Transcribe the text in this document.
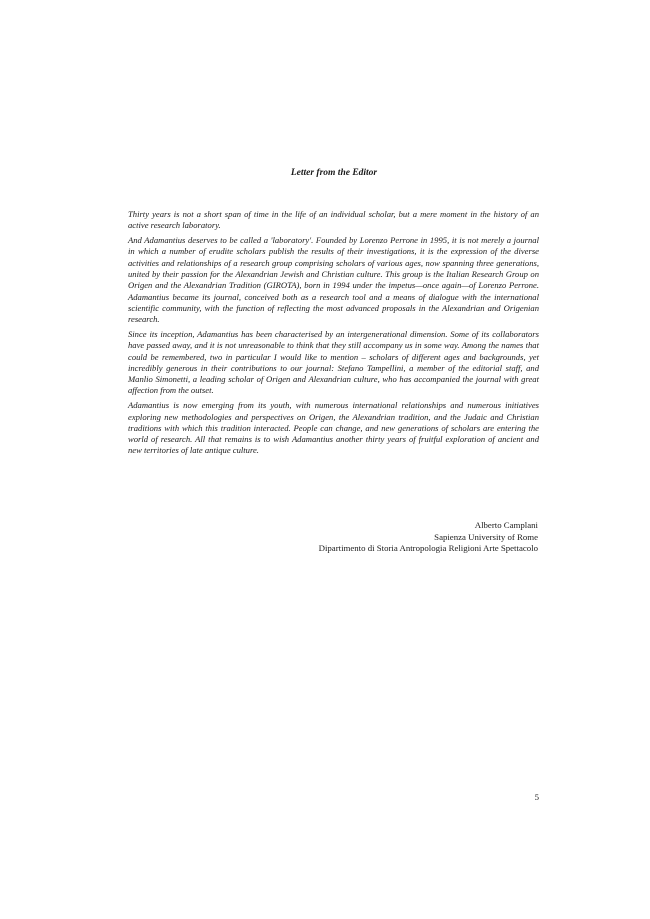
Letter from the Editor

Thirty years is not a short span of time in the life of an individual scholar, but a mere moment in the history of an active research laboratory.

And Adamantius deserves to be called a 'laboratory'. Founded by Lorenzo Perrone in 1995, it is not merely a journal in which a number of erudite scholars publish the results of their investigations, it is the expression of the diverse activities and relationships of a research group comprising scholars of various ages, now spanning three generations, united by their passion for the Alexandrian Jewish and Christian culture. This group is the Italian Research Group on Origen and the Alexandrian Tradition (GIROTA), born in 1994 under the impetus—once again—of Lorenzo Perrone. Adamantius became its journal, conceived both as a research tool and a means of dialogue with the international scientific community, with the function of reflecting the most advanced proposals in the Alexandrian and Origenian research.

Since its inception, Adamantius has been characterised by an intergenerational dimension. Some of its collaborators have passed away, and it is not unreasonable to think that they still accompany us in some way. Among the names that could be remembered, two in particular I would like to mention – scholars of different ages and backgrounds, yet incredibly generous in their contributions to our journal: Stefano Tampellini, a member of the editorial staff, and Manlio Simonetti, a leading scholar of Origen and Alexandrian culture, who has accompanied the journal with great affection from the outset.

Adamantius is now emerging from its youth, with numerous international relationships and numerous initiatives exploring new methodologies and perspectives on Origen, the Alexandrian tradition, and the Judaic and Christian traditions with which this tradition interacted. People can change, and new generations of scholars are entering the world of research. All that remains is to wish Adamantius another thirty years of fruitful exploration of ancient and new territories of late antique culture.

Alberto Camplani
Sapienza University of Rome
Dipartimento di Storia Antropologia Religioni Arte Spettacolo
5
